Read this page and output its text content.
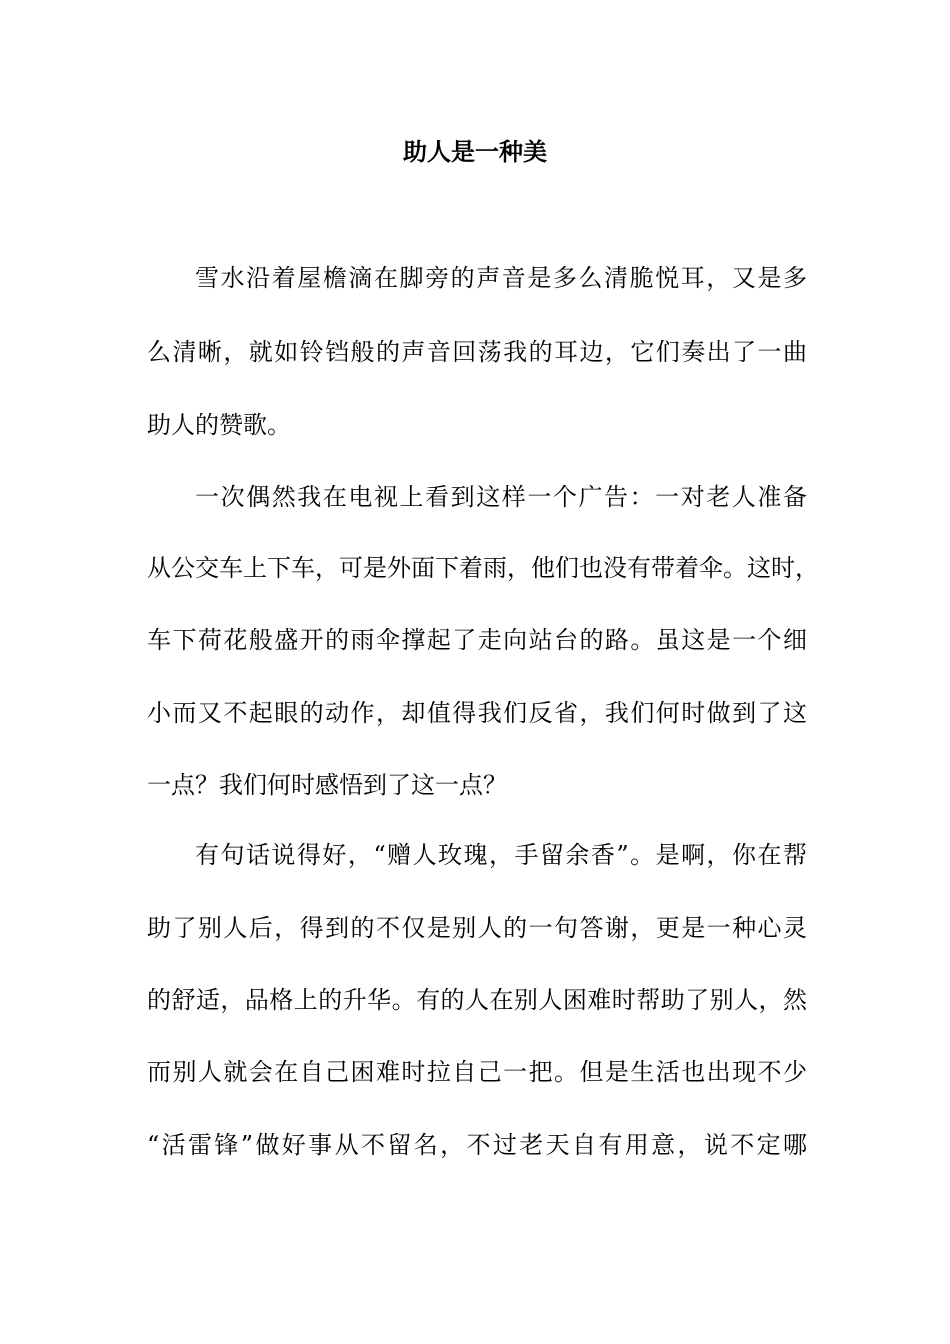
助人是一种美

雪水沿着屋檐滴在脚旁的声音是多么清脆悦耳，又是多

么清晰，就如铃铛般的声音回荡我的耳边，它们奏出了一曲

助人的赞歌。

一次偶然我在电视上看到这样一个广告：一对老人准备

从公交车上下车，可是外面下着雨，他们也没有带着伞。这时，

车下荷花般盛开的雨伞撑起了走向站台的路。虽这是一个细

小而又不起眼的动作，却值得我们反省，我们何时做到了这

一点？我们何时感悟到了这一点？

有句话说得好，“赠人玫瑰，手留余香”。是啊，你在帮

助了别人后，得到的不仅是别人的一句答谢，更是一种心灵

的舒适，品格上的升华。有的人在别人困难时帮助了别人，然

而别人就会在自己困难时拉自己一把。但是生活也出现不少

“活雷锋”做好事从不留名，不过老天自有用意，说不定哪
